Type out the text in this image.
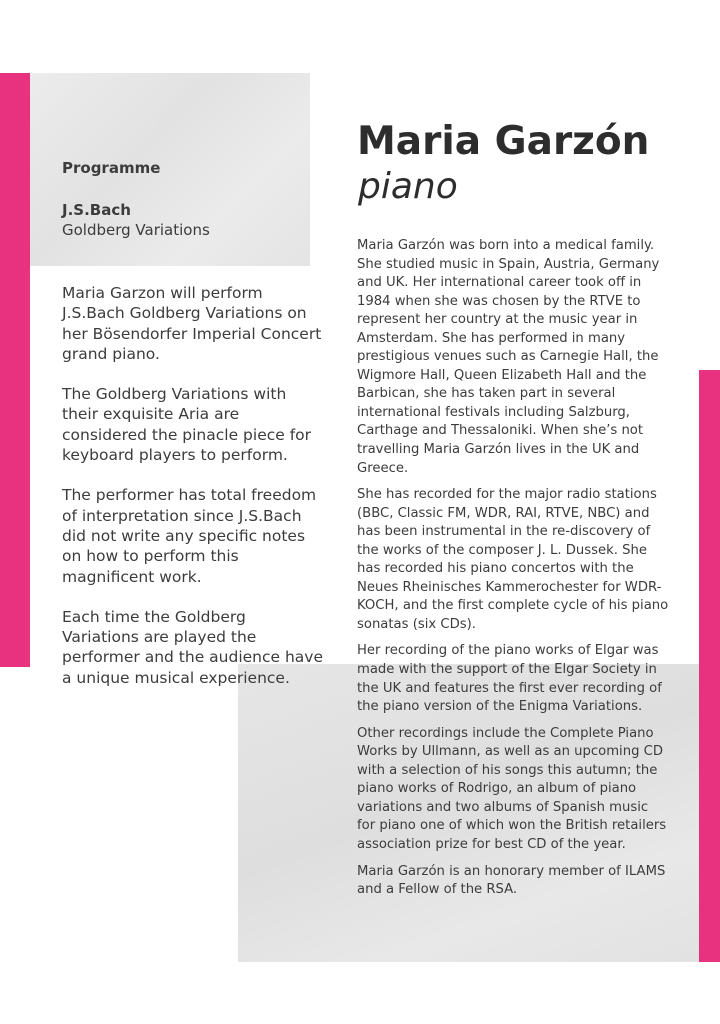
Programme
J.S.Bach
Goldberg Variations

Maria Garzon will perform J.S.Bach Goldberg Variations on her Bösendorfer Imperial Concert grand piano.

The Goldberg Variations with their exquisite Aria are considered the pinacle piece for keyboard players to perform.

The performer has total freedom of interpretation since J.S.Bach did not write any specific notes on how to perform this magnificent work.

Each time the Goldberg Variations are played the performer and the audience have a unique musical experience.

Maria Garzón
piano

Maria Garzón was born into a medical family. She studied music in Spain, Austria, Germany and UK. Her international career took off in 1984 when she was chosen by the RTVE to represent her country at the music year in Amsterdam. She has performed in many prestigious venues such as Carnegie Hall, the Wigmore Hall, Queen Elizabeth Hall and the Barbican, she has taken part in several international festivals including Salzburg, Carthage and Thessaloniki. When she’s not travelling Maria Garzón lives in the UK and Greece.

She has recorded for the major radio stations (BBC, Classic FM, WDR, RAI, RTVE, NBC) and has been instrumental in the re-discovery of the works of the composer J. L. Dussek. She has recorded his piano concertos with the Neues Rheinisches Kammerochester for WDR-KOCH, and the first complete cycle of his piano sonatas (six CDs).

Her recording of the piano works of Elgar was made with the support of the Elgar Society in the UK and features the first ever recording of the piano version of the Enigma Variations.

Other recordings include the Complete Piano Works by Ullmann, as well as an upcoming CD with a selection of his songs this autumn; the piano works of Rodrigo, an album of piano variations and two albums of Spanish music for piano one of which won the British retailers association prize for best CD of the year.

Maria Garzón is an honorary member of ILAMS and a Fellow of the RSA.
